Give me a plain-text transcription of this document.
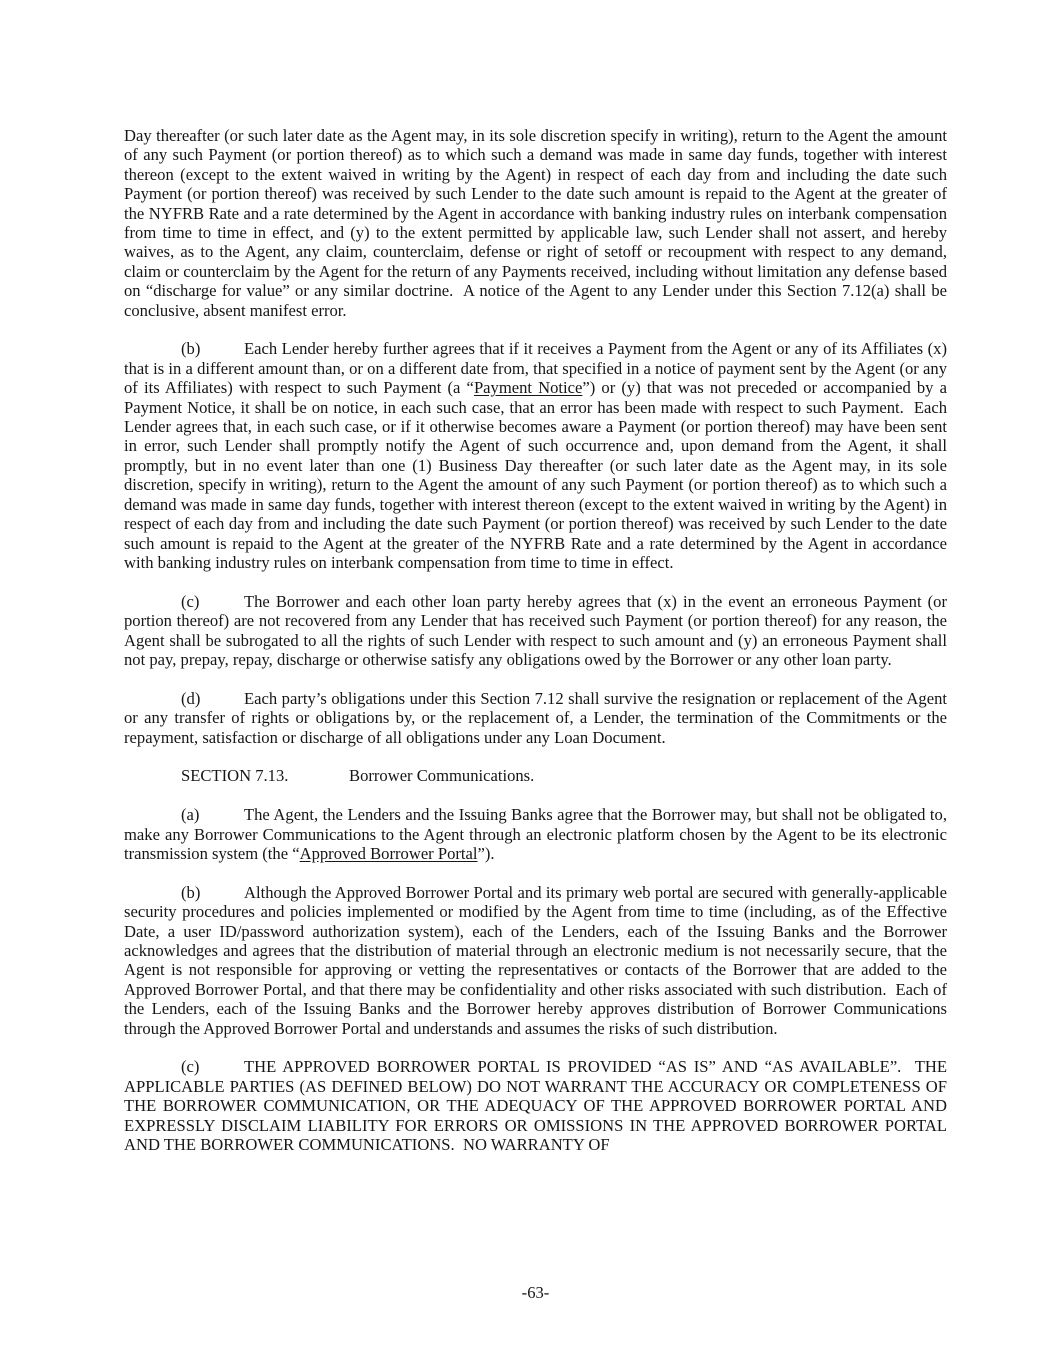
Day thereafter (or such later date as the Agent may, in its sole discretion specify in writing), return to the Agent the amount of any such Payment (or portion thereof) as to which such a demand was made in same day funds, together with interest thereon (except to the extent waived in writing by the Agent) in respect of each day from and including the date such Payment (or portion thereof) was received by such Lender to the date such amount is repaid to the Agent at the greater of the NYFRB Rate and a rate determined by the Agent in accordance with banking industry rules on interbank compensation from time to time in effect, and (y) to the extent permitted by applicable law, such Lender shall not assert, and hereby waives, as to the Agent, any claim, counterclaim, defense or right of setoff or recoupment with respect to any demand, claim or counterclaim by the Agent for the return of any Payments received, including without limitation any defense based on “discharge for value” or any similar doctrine.  A notice of the Agent to any Lender under this Section 7.12(a) shall be conclusive, absent manifest error.

(b)	Each Lender hereby further agrees that if it receives a Payment from the Agent or any of its Affiliates (x) that is in a different amount than, or on a different date from, that specified in a notice of payment sent by the Agent (or any of its Affiliates) with respect to such Payment (a “Payment Notice”) or (y) that was not preceded or accompanied by a Payment Notice, it shall be on notice, in each such case, that an error has been made with respect to such Payment.  Each Lender agrees that, in each such case, or if it otherwise becomes aware a Payment (or portion thereof) may have been sent in error, such Lender shall promptly notify the Agent of such occurrence and, upon demand from the Agent, it shall promptly, but in no event later than one (1) Business Day thereafter (or such later date as the Agent may, in its sole discretion, specify in writing), return to the Agent the amount of any such Payment (or portion thereof) as to which such a demand was made in same day funds, together with interest thereon (except to the extent waived in writing by the Agent) in respect of each day from and including the date such Payment (or portion thereof) was received by such Lender to the date such amount is repaid to the Agent at the greater of the NYFRB Rate and a rate determined by the Agent in accordance with banking industry rules on interbank compensation from time to time in effect.

(c)	The Borrower and each other loan party hereby agrees that (x) in the event an erroneous Payment (or portion thereof) are not recovered from any Lender that has received such Payment (or portion thereof) for any reason, the Agent shall be subrogated to all the rights of such Lender with respect to such amount and (y) an erroneous Payment shall not pay, prepay, repay, discharge or otherwise satisfy any obligations owed by the Borrower or any other loan party.

(d)	Each party’s obligations under this Section 7.12 shall survive the resignation or replacement of the Agent or any transfer of rights or obligations by, or the replacement of, a Lender, the termination of the Commitments or the repayment, satisfaction or discharge of all obligations under any Loan Document.

SECTION 7.13.	Borrower Communications.

(a)	The Agent, the Lenders and the Issuing Banks agree that the Borrower may, but shall not be obligated to, make any Borrower Communications to the Agent through an electronic platform chosen by the Agent to be its electronic transmission system (the “Approved Borrower Portal”).

(b)	Although the Approved Borrower Portal and its primary web portal are secured with generally-applicable security procedures and policies implemented or modified by the Agent from time to time (including, as of the Effective Date, a user ID/password authorization system), each of the Lenders, each of the Issuing Banks and the Borrower acknowledges and agrees that the distribution of material through an electronic medium is not necessarily secure, that the Agent is not responsible for approving or vetting the representatives or contacts of the Borrower that are added to the Approved Borrower Portal, and that there may be confidentiality and other risks associated with such distribution.  Each of the Lenders, each of the Issuing Banks and the Borrower hereby approves distribution of Borrower Communications through the Approved Borrower Portal and understands and assumes the risks of such distribution.

(c)	THE APPROVED BORROWER PORTAL IS PROVIDED “AS IS” AND “AS AVAILABLE”.  THE APPLICABLE PARTIES (AS DEFINED BELOW) DO NOT WARRANT THE ACCURACY OR COMPLETENESS OF THE BORROWER COMMUNICATION, OR THE ADEQUACY OF THE APPROVED BORROWER PORTAL AND EXPRESSLY DISCLAIM LIABILITY FOR ERRORS OR OMISSIONS IN THE APPROVED BORROWER PORTAL AND THE BORROWER COMMUNICATIONS.  NO WARRANTY OF

-63-
